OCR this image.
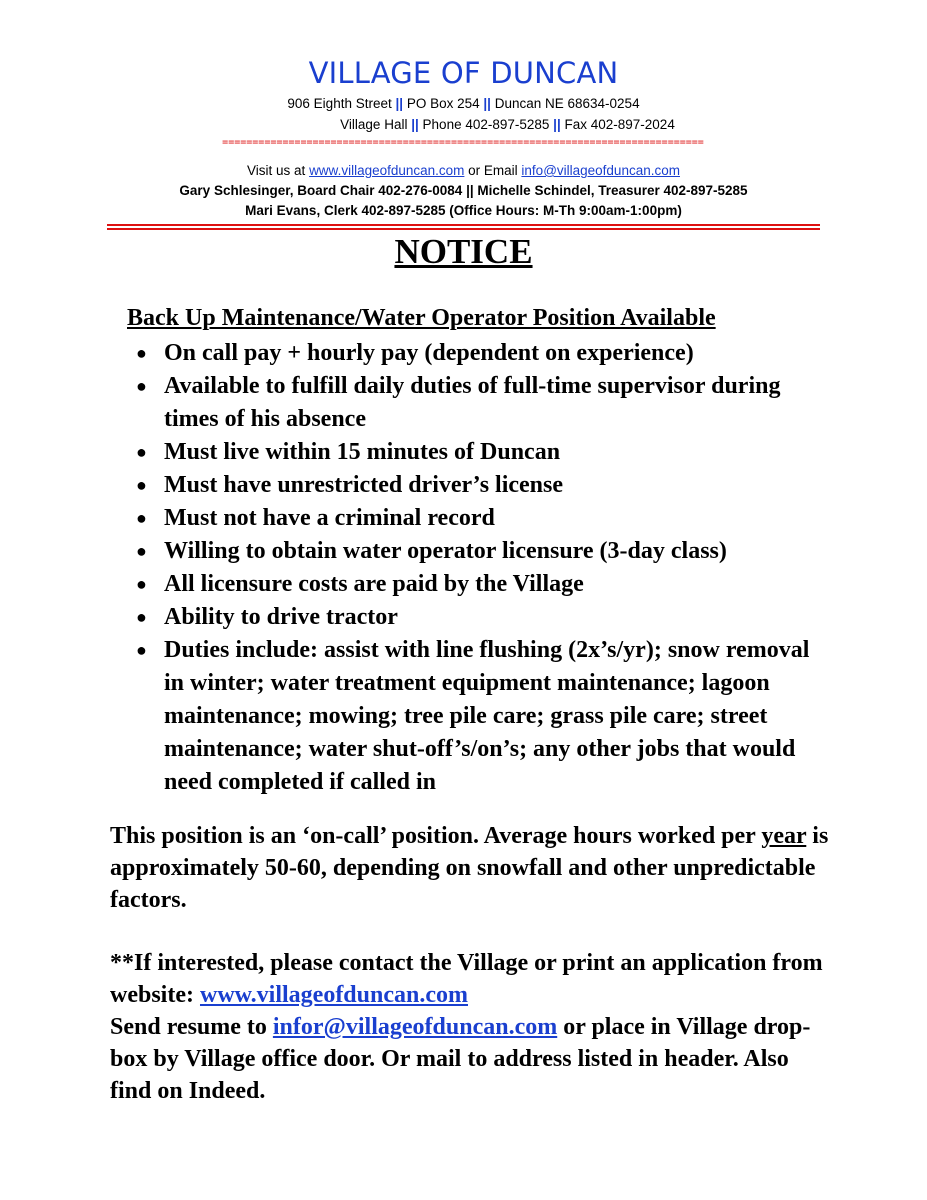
VILLAGE OF DUNCAN
906 Eighth Street || PO Box 254 || Duncan NE 68634-0254
Village Hall || Phone 402-897-5285 || Fax 402-897-2024
================================================================================
Visit us at www.villageofduncan.com or Email info@villageofduncan.com
Gary Schlesinger, Board Chair 402-276-0084 || Michelle Schindel, Treasurer 402-897-5285
Mari Evans, Clerk 402-897-5285 (Office Hours: M-Th 9:00am-1:00pm)
NOTICE
Back Up Maintenance/Water Operator Position Available
● On call pay + hourly pay (dependent on experience)
● Available to fulfill daily duties of full-time supervisor during times of his absence
● Must live within 15 minutes of Duncan
● Must have unrestricted driver’s license
● Must not have a criminal record
● Willing to obtain water operator licensure (3-day class)
● All licensure costs are paid by the Village
● Ability to drive tractor
● Duties include: assist with line flushing (2x’s/yr); snow removal in winter; water treatment equipment maintenance; lagoon maintenance; mowing; tree pile care; grass pile care; street maintenance; water shut-off’s/on’s; any other jobs that would need completed if called in
This position is an ‘on-call’ position. Average hours worked per year is approximately 50-60, depending on snowfall and other unpredictable factors.
**If interested, please contact the Village or print an application from website: www.villageofduncan.com
Send resume to infor@villageofduncan.com or place in Village drop-box by Village office door. Or mail to address listed in header. Also find on Indeed.
